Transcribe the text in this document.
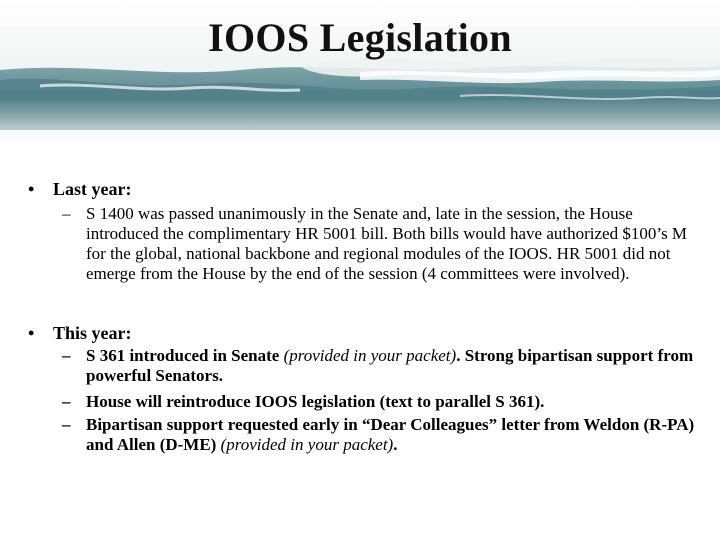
IOOS Legislation
• Last year:
– S 1400 was passed unanimously in the Senate and, late in the session, the House introduced the complimentary HR 5001 bill. Both bills would have authorized $100’s M for the global, national backbone and regional modules of the IOOS. HR 5001 did not emerge from the House by the end of the session (4 committees were involved).
• This year:
– S 361 introduced in Senate (provided in your packet). Strong bipartisan support from powerful Senators.
– House will reintroduce IOOS legislation (text to parallel S 361).
– Bipartisan support requested early in “Dear Colleagues” letter from Weldon (R-PA) and Allen (D-ME) (provided in your packet).
